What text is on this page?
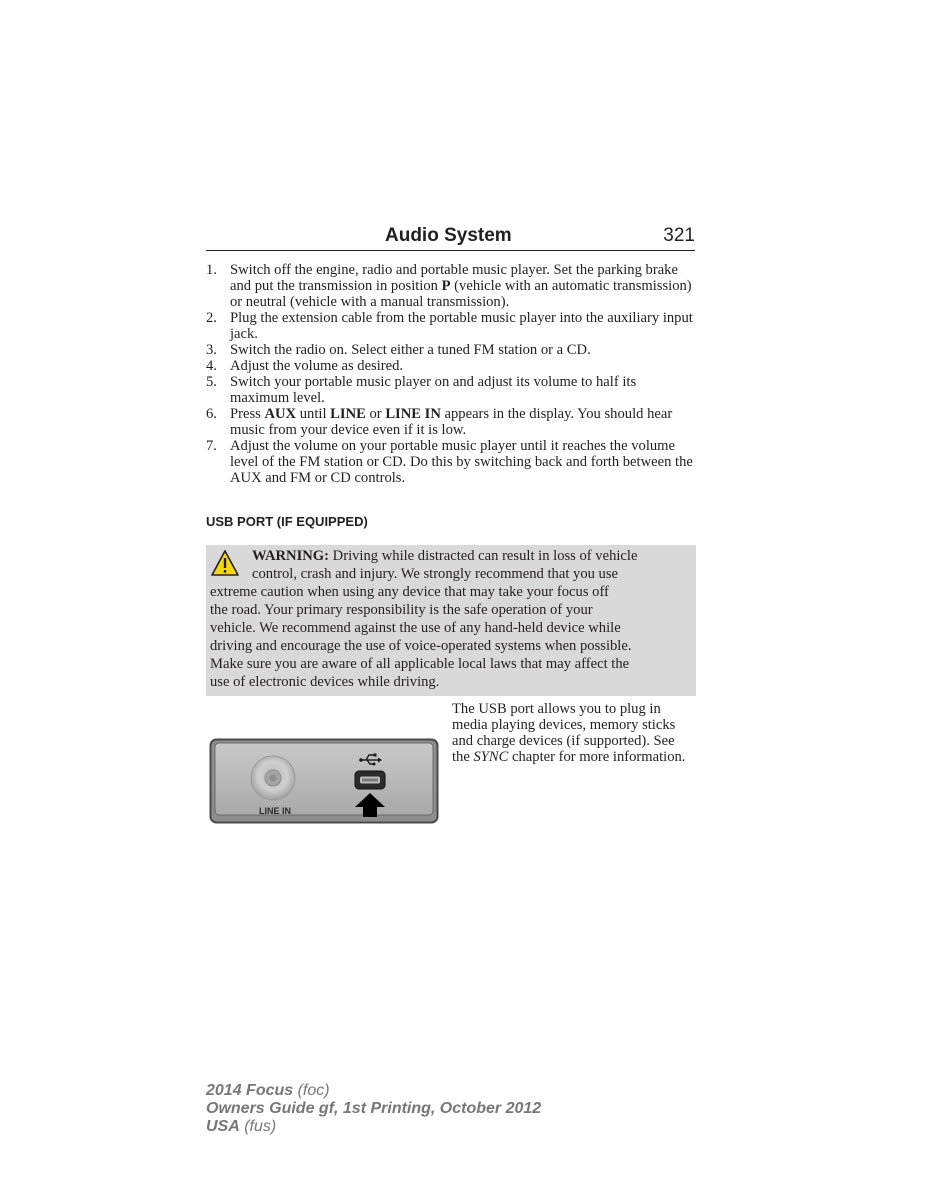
Audio System	321
1. Switch off the engine, radio and portable music player. Set the parking brake and put the transmission in position P (vehicle with an automatic transmission) or neutral (vehicle with a manual transmission).
2. Plug the extension cable from the portable music player into the auxiliary input jack.
3. Switch the radio on. Select either a tuned FM station or a CD.
4. Adjust the volume as desired.
5. Switch your portable music player on and adjust its volume to half its maximum level.
6. Press AUX until LINE or LINE IN appears in the display. You should hear music from your device even if it is low.
7. Adjust the volume on your portable music player until it reaches the volume level of the FM station or CD. Do this by switching back and forth between the AUX and FM or CD controls.
USB PORT (IF EQUIPPED)
WARNING: Driving while distracted can result in loss of vehicle
control, crash and injury. We strongly recommend that you use
extreme caution when using any device that may take your focus off
the road. Your primary responsibility is the safe operation of your
vehicle. We recommend against the use of any hand-held device while
driving and encourage the use of voice-operated systems when possible.
Make sure you are aware of all applicable local laws that may affect the
use of electronic devices while driving.
LINE IN
The USB port allows you to plug in media playing devices, memory sticks and charge devices (if supported). See the SYNC chapter for more information.
2014 Focus (foc)
Owners Guide gf, 1st Printing, October 2012
USA (fus)
